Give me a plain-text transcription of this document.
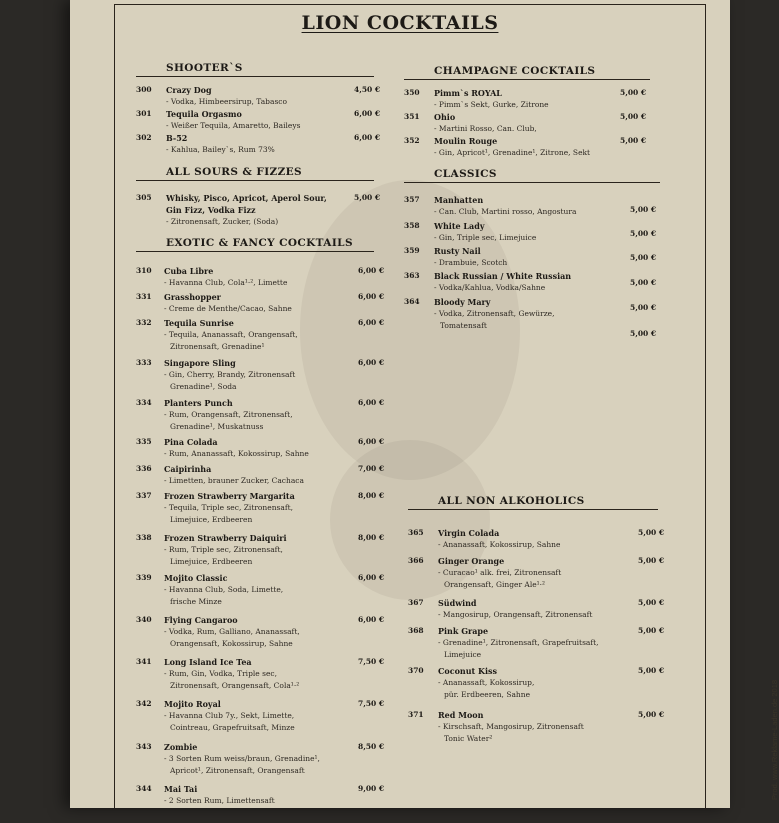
LION COCKTAILS
SHOOTER`S
300 Crazy Dog
- Vodka, Himbeersirup, Tabasco
4,50 €
301 Tequila Orgasmo
- Weißer Tequila, Amaretto, Baileys
6,00 €
302 B-52
- Kahlua, Bailey`s, Rum 73%
6,00 €
ALL SOURS & FIZZES
305 Whisky, Pisco, Apricot, Aperol Sour,
Gin Fizz, Vodka Fizz
- Zitronensaft, Zucker, (Soda)
5,00 €
EXOTIC & FANCY COCKTAILS
310 Cuba Libre
- Havanna Club, Cola¹·², Limette
6,00 €
331 Grasshopper
- Creme de Menthe/Cacao, Sahne
6,00 €
332 Tequila Sunrise
- Tequila, Ananassaft, Orangensaft,
Zitronensaft, Grenadine¹
6,00 €
333 Singapore Sling
- Gin, Cherry, Brandy, Zitronensaft
Grenadine¹, Soda
6,00 €
334 Planters Punch
- Rum, Orangensaft, Zitronensaft,
Grenadine¹, Muskatnuss
6,00 €
335 Pina Colada
- Rum, Ananassaft, Kokossirup, Sahne
6,00 €
336 Caipirinha
- Limetten, brauner Zucker, Cachaca
7,00 €
337 Frozen Strawberry Margarita
- Tequila, Triple sec, Zitronensaft,
Limejuice, Erdbeeren
8,00 €
338 Frozen Strawberry Daiquiri
- Rum, Triple sec, Zitronensaft,
Limejuice, Erdbeeren
8,00 €
339 Mojito Classic
- Havanna Club, Soda, Limette,
frische Minze
6,00 €
340 Flying Cangaroo
- Vodka, Rum, Galliano, Ananassaft,
Orangensaft, Kokossirup, Sahne
6,00 €
341 Long Island Ice Tea
- Rum, Gin, Vodka, Triple sec,
Zitronensaft, Orangensaft, Cola¹·²
7,50 €
342 Mojito Royal
- Havanna Club 7y., Sekt, Limette,
Cointreau, Grapefruitsaft, Minze
7,50 €
343 Zombie
- 3 Sorten Rum weiss/braun, Grenadine¹,
Apricot¹, Zitronensaft, Orangensaft
8,50 €
344 Mai Tai
- 2 Sorten Rum, Limettensaft
9,00 €
CHAMPAGNE COCKTAILS
350 Pimm`s ROYAL
- Pimm`s Sekt, Gurke, Zitrone
5,00 €
351 Ohio
- Martini Rosso, Can. Club,
5,00 €
352 Moulin Rouge
- Gin, Apricot¹, Grenadine¹, Zitrone, Sekt
5,00 €
CLASSICS
357 Manhatten
- Can. Club, Martini rosso, Angostura	5,00 €
358 White Lady
- Gin, Triple sec, Limejuice	5,00 €
359 Rusty Nail
- Drambuie, Scotch
5,00 €
363 Black Russian / White Russian
- Vodka/Kahlua, Vodka/Sahne
5,00 €
364 Bloody Mary
- Vodka, Zitronensaft, Gewürze,
Tomatensaft
5,00 €
5,00 €
ALL NON ALKOHOLICS
365 Virgin Colada
- Ananassaft, Kokossirup, Sahne
5,00 €
366 Ginger Orange
- Curacao¹ alk. frei, Zitronensaft
Orangensaft, Ginger Ale¹·²
5,00 €
367 Südwind
- Mangosirup, Orangensaft, Zitronensaft
5,00 €
368 Pink Grape
- Grenadine¹, Zitronensaft, Grapefruitsaft,
Limejuice
5,00 €
370 Coconut Kiss
- Ananassaft, Kokossirup,
pür. Erdbeeren, Sahne
5,00 €
371 Red Moon
- Kirschsaft, Mangosirup, Zitronensaft
Tonic Water²
5,00 €	Prod. www.Reklame-Laden.de 2018
